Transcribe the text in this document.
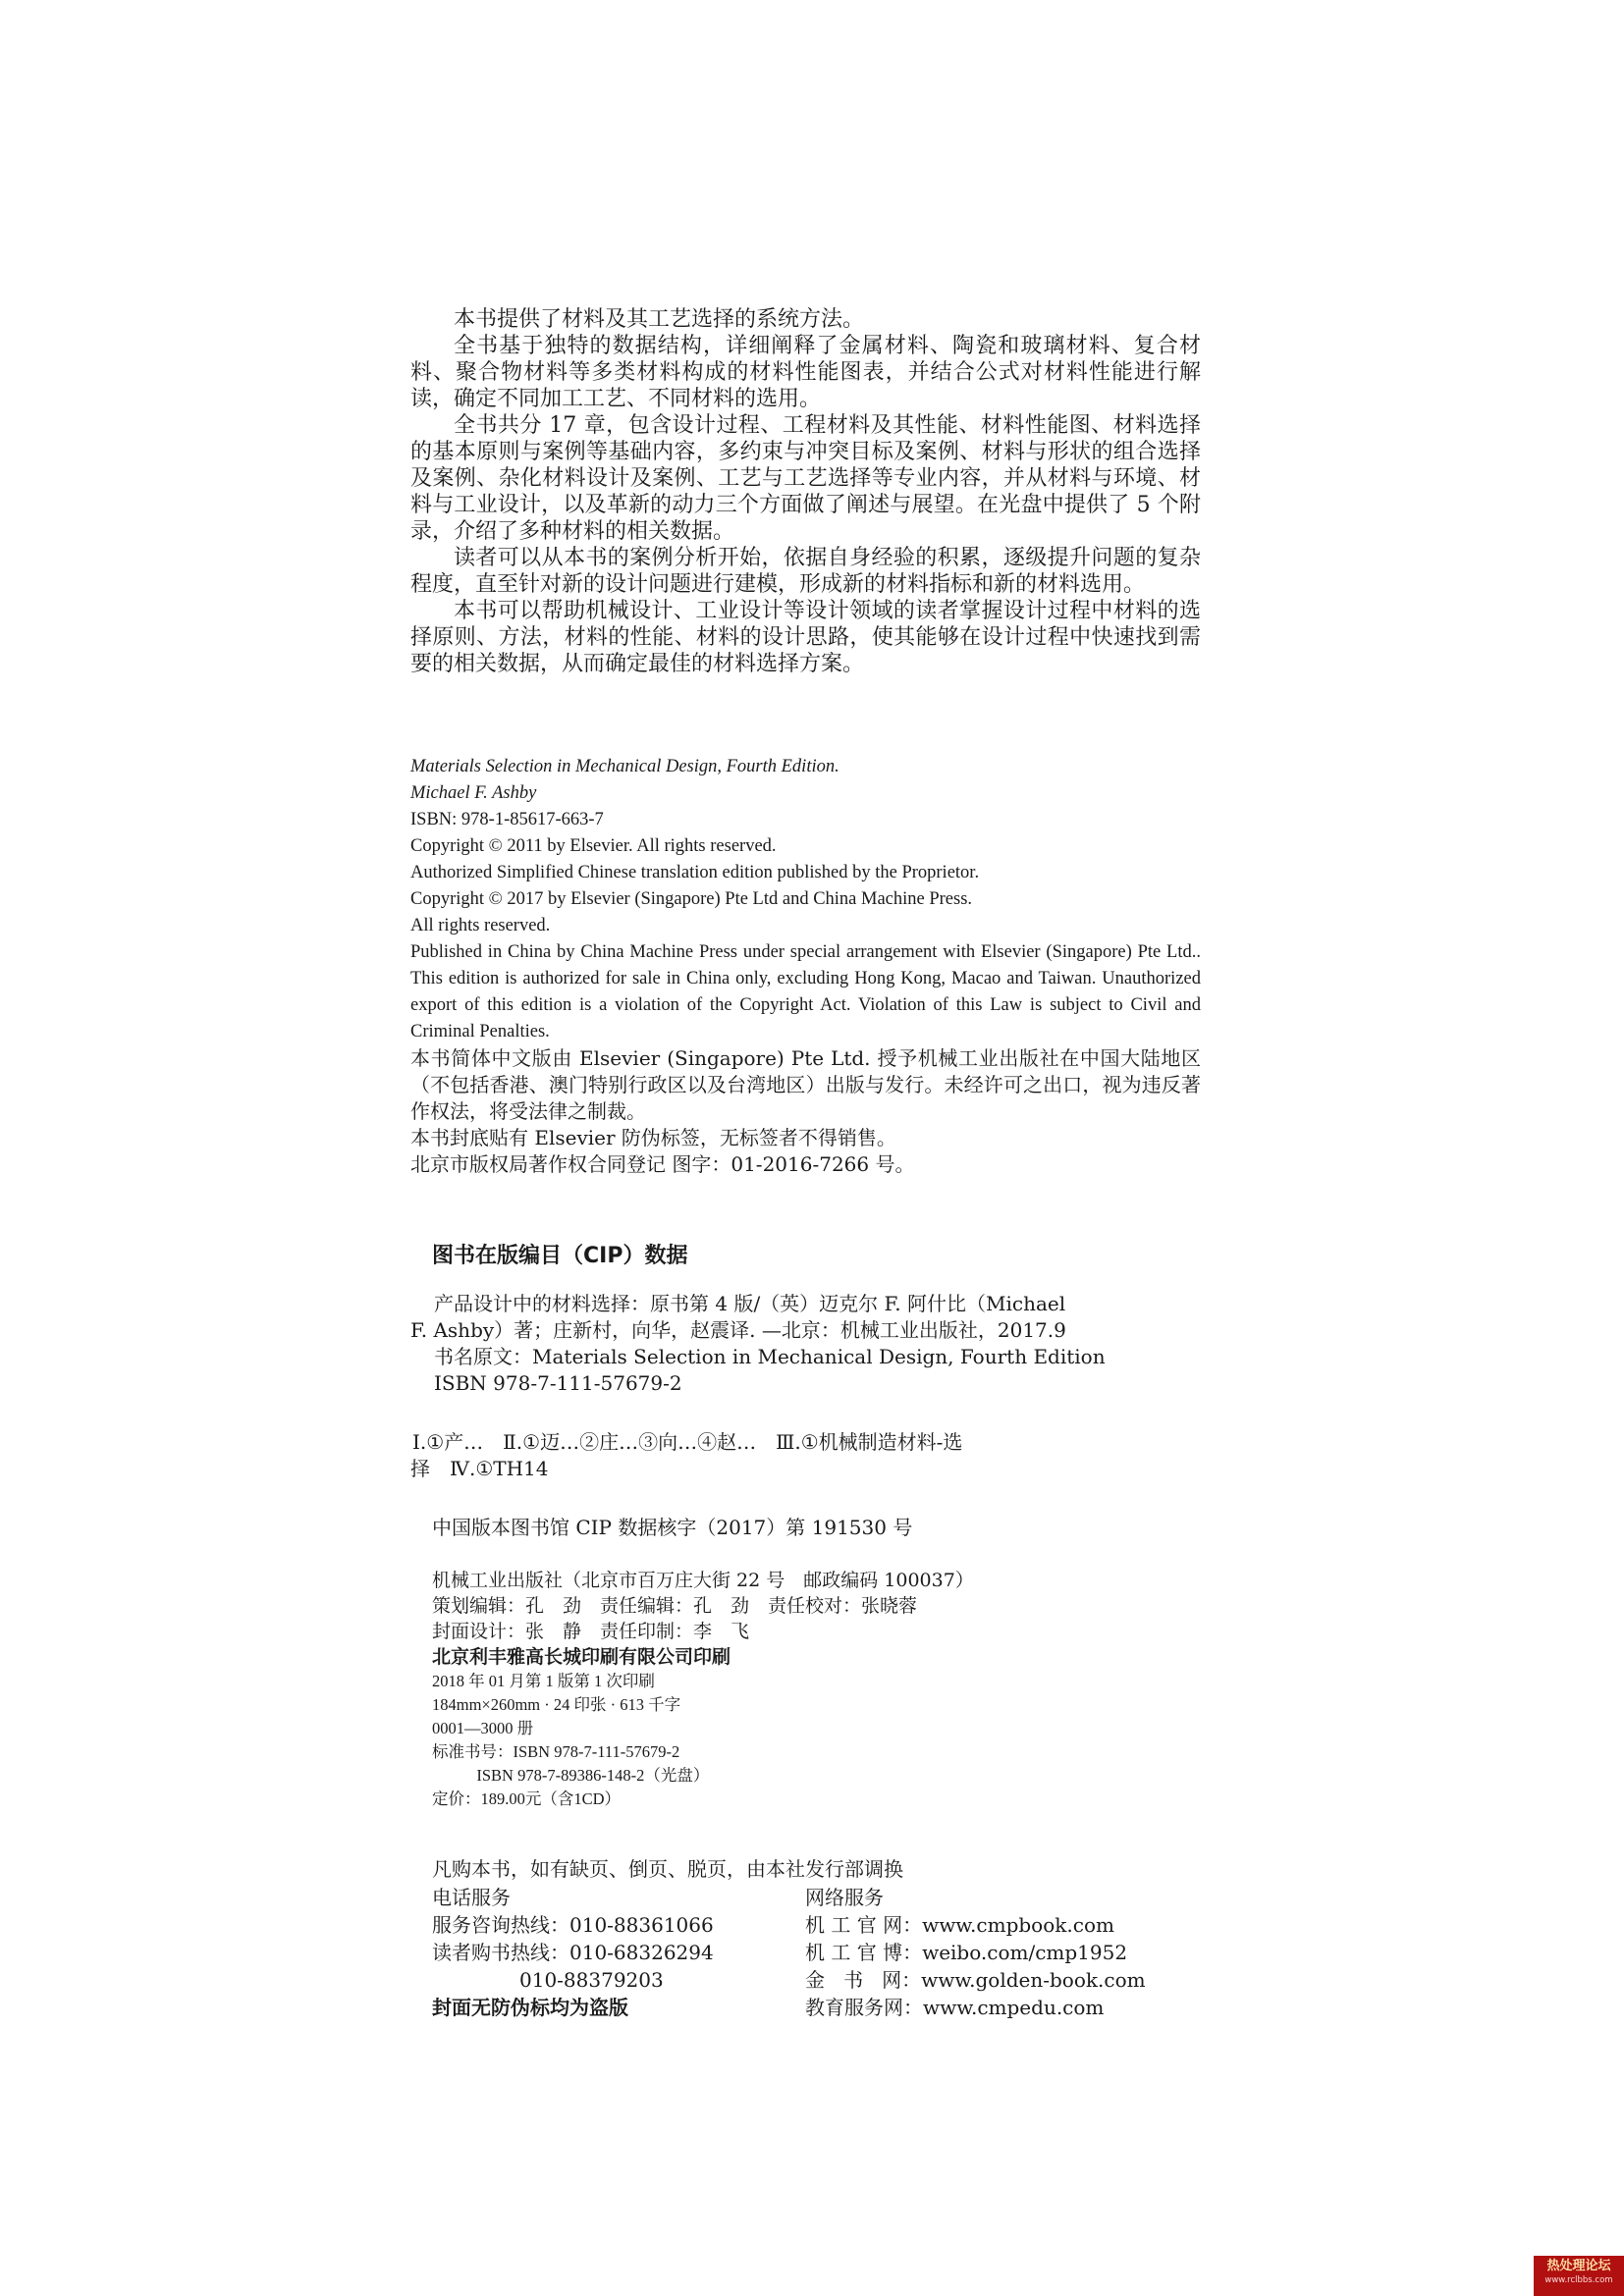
本书提供了材料及其工艺选择的系统方法。

全书基于独特的数据结构，详细阐释了金属材料、陶瓷和玻璃材料、复合材料、聚合物材料等多类材料构成的材料性能图表，并结合公式对材料性能进行解读，确定不同加工工艺、不同材料的选用。

全书共分 17 章，包含设计过程、工程材料及其性能、材料性能图、材料选择的基本原则与案例等基础内容，多约束与冲突目标及案例、材料与形状的组合选择及案例、杂化材料设计及案例、工艺与工艺选择等专业内容，并从材料与环境、材料与工业设计，以及革新的动力三个方面做了阐述与展望。在光盘中提供了 5 个附录，介绍了多种材料的相关数据。

读者可以从本书的案例分析开始，依据自身经验的积累，逐级提升问题的复杂程度，直至针对新的设计问题进行建模，形成新的材料指标和新的材料选用。

本书可以帮助机械设计、工业设计等设计领域的读者掌握设计过程中材料的选择原则、方法，材料的性能、材料的设计思路，使其能够在设计过程中快速找到需要的相关数据，从而确定最佳的材料选择方案。

Materials Selection in Mechanical Design, Fourth Edition.

Michael F. Ashby

ISBN: 978-1-85617-663-7

Copyright © 2011 by Elsevier. All rights reserved.

Authorized Simplified Chinese translation edition published by the Proprietor.

Copyright © 2017 by Elsevier (Singapore) Pte Ltd and China Machine Press.

All rights reserved.

Published in China by China Machine Press under special arrangement with Elsevier (Singapore) Pte Ltd.. This edition is authorized for sale in China only, excluding Hong Kong, Macao and Taiwan. Unauthorized export of this edition is a violation of the Copyright Act. Violation of this Law is subject to Civil and Criminal Penalties.

本书简体中文版由 Elsevier (Singapore) Pte Ltd. 授予机械工业出版社在中国大陆地区（不包括香港、澳门特别行政区以及台湾地区）出版与发行。未经许可之出口，视为违反著作权法，将受法律之制裁。

本书封底贴有 Elsevier 防伪标签，无标签者不得销售。

北京市版权局著作权合同登记 图字：01-2016-7266 号。

图书在版编目（CIP）数据

产品设计中的材料选择：原书第 4 版/（英）迈克尔 F. 阿什比（Michael

F. Ashby）著；庄新村，向华，赵震译. —北京：机械工业出版社，2017.9

书名原文：Materials Selection in Mechanical Design, Fourth Edition

ISBN 978-7-111-57679-2

Ⅰ.①产…　Ⅱ.①迈…②庄…③向…④赵…　Ⅲ.①机械制造材料-选

择　Ⅳ.①TH14

中国版本图书馆 CIP 数据核字（2017）第 191530 号

机械工业出版社（北京市百万庄大街 22 号　邮政编码 100037）

策划编辑：孔　劲　责任编辑：孔　劲　责任校对：张晓蓉

封面设计：张　静　责任印制：李　飞

北京利丰雅高长城印刷有限公司印刷

2018 年 01 月第 1 版第 1 次印刷

184mm×260mm · 24 印张 · 613 千字

0001—3000 册

标准书号：ISBN 978-7-111-57679-2

ISBN 978-7-89386-148-2（光盘）

定价：189.00元（含1CD）

凡购本书，如有缺页、倒页、脱页，由本社发行部调换

电话服务

服务咨询热线：010-88361066

读者购书热线：010-68326294

010-88379203

封面无防伪标均为盗版

网络服务

机 工 官 网：www.cmpbook.com

机 工 官 博：weibo.com/cmp1952

金   书   网：www.golden-book.com

教育服务网：www.cmpedu.com

热处理论坛
www.rclbbs.com
